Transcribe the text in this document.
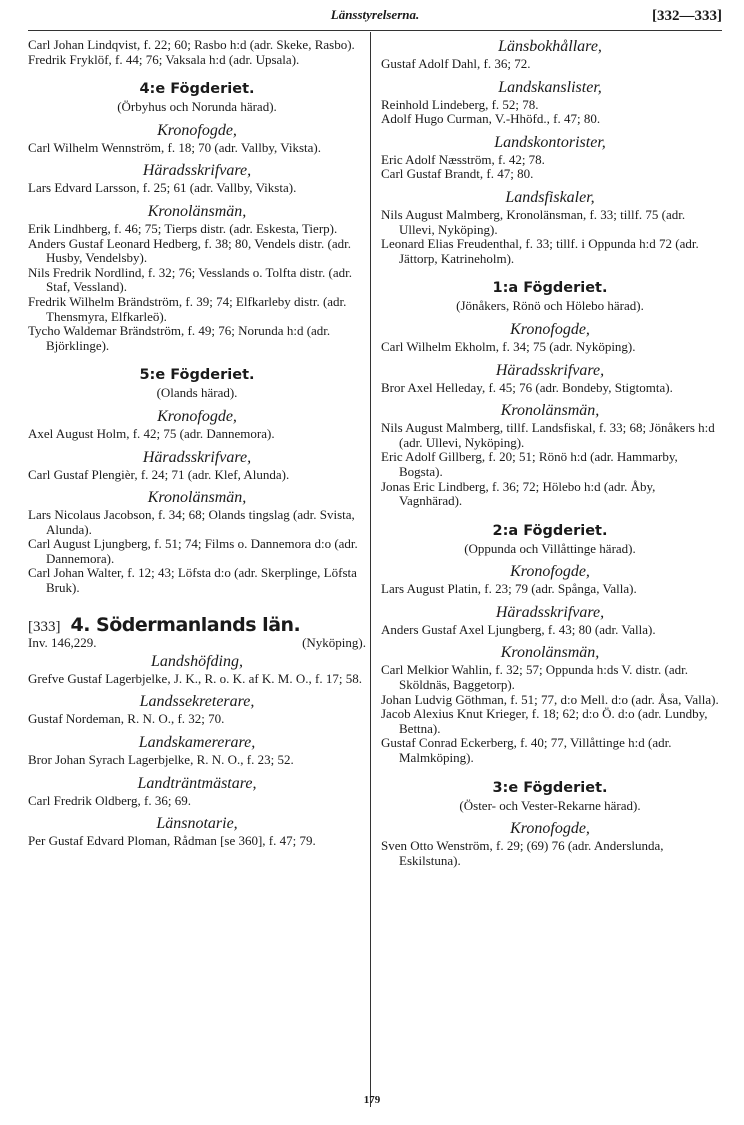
Länsstyrelserna.	[332—333]

Carl Johan Lindqvist, f. 22; 60; Rasbo h:d (adr. Skeke, Rasbo).

Fredrik Fryklöf, f. 44; 76; Vaksala h:d (adr. Upsala).

4:e Fögderiet.
(Örbyhus och Norunda härad).
Kronofogde,

Carl Wilhelm Wennström, f. 18; 70 (adr. Vallby, Viksta).

Häradsskrifvare,

Lars Edvard Larsson, f. 25; 61 (adr. Vallby, Viksta).

Kronolänsmän,

Erik Lindhberg, f. 46; 75; Tierps distr. (adr. Eskesta, Tierp).

Anders Gustaf Leonard Hedberg, f. 38; 80, Vendels distr. (adr. Husby, Vendelsby).

Nils Fredrik Nordlind, f. 32; 76; Vesslands o. Tolfta distr. (adr. Staf, Vessland).

Fredrik Wilhelm Brändström, f. 39; 74; Elfkarleby distr. (adr. Thensmyra, Elfkarleö).

Tycho Waldemar Brändström, f. 49; 76; Norunda h:d (adr. Björklinge).

5:e Fögderiet.
(Olands härad).
Kronofogde,

Axel August Holm, f. 42; 75 (adr. Dannemora).

Häradsskrifvare,

Carl Gustaf Plengièr, f. 24; 71 (adr. Klef, Alunda).

Kronolänsmän,

Lars Nicolaus Jacobson, f. 34; 68; Olands tingslag (adr. Svista, Alunda).

Carl August Ljungberg, f. 51; 74; Films o. Dannemora d:o (adr. Dannemora).

Carl Johan Walter, f. 12; 43; Löfsta d:o (adr. Skerplinge, Löfsta Bruk).

[333] 4. Södermanlands län.
Inv. 146,229.	(Nyköping).
Landshöfding,

Grefve Gustaf Lagerbjelke, J. K., R. o. K. af K. M. O., f. 17; 58.

Landssekreterare,

Gustaf Nordeman, R. N. O., f. 32; 70.

Landskamererare,

Bror Johan Syrach Lagerbjelke, R. N. O., f. 23; 52.

Landträntmästare,

Carl Fredrik Oldberg, f. 36; 69.

Länsnotarie,

Per Gustaf Edvard Ploman, Rådman [se 360], f. 47; 79.

Länsbokhållare,

Gustaf Adolf Dahl, f. 36; 72.

Landskanslister,

Reinhold Lindeberg, f. 52; 78.

Adolf Hugo Curman, V.-Hhöfd., f. 47; 80.

Landskontorister,

Eric Adolf Næsström, f. 42; 78.

Carl Gustaf Brandt, f. 47; 80.

Landsfiskaler,

Nils August Malmberg, Kronolänsman, f. 33; tillf. 75 (adr. Ullevi, Nyköping).

Leonard Elias Freudenthal, f. 33; tillf. i Oppunda h:d 72 (adr. Jättorp, Katrineholm).

1:a Fögderiet.
(Jönåkers, Rönö och Hölebo härad).
Kronofogde,

Carl Wilhelm Ekholm, f. 34; 75 (adr. Nyköping).

Häradsskrifvare,

Bror Axel Helleday, f. 45; 76 (adr. Bondeby, Stigtomta).

Kronolänsmän,

Nils August Malmberg, tillf. Landsfiskal, f. 33; 68; Jönåkers h:d (adr. Ullevi, Nyköping).

Eric Adolf Gillberg, f. 20; 51; Rönö h:d (adr. Hammarby, Bogsta).

Jonas Eric Lindberg, f. 36; 72; Hölebo h:d (adr. Åby, Vagnhärad).

2:a Fögderiet.
(Oppunda och Villåttinge härad).
Kronofogde,

Lars August Platin, f. 23; 79 (adr. Spånga, Valla).

Häradsskrifvare,

Anders Gustaf Axel Ljungberg, f. 43; 80 (adr. Valla).

Kronolänsmän,

Carl Melkior Wahlin, f. 32; 57; Oppunda h:ds V. distr. (adr. Sköldnäs, Baggetorp).

Johan Ludvig Göthman, f. 51; 77, d:o Mell. d:o (adr. Åsa, Valla).

Jacob Alexius Knut Krieger, f. 18; 62; d:o Ö. d:o (adr. Lundby, Bettna).

Gustaf Conrad Eckerberg, f. 40; 77, Villåttinge h:d (adr. Malmköping).

3:e Fögderiet.
(Öster- och Vester-Rekarne härad).
Kronofogde,

Sven Otto Wenström, f. 29; (69) 76 (adr. Anderslunda, Eskilstuna).

179
